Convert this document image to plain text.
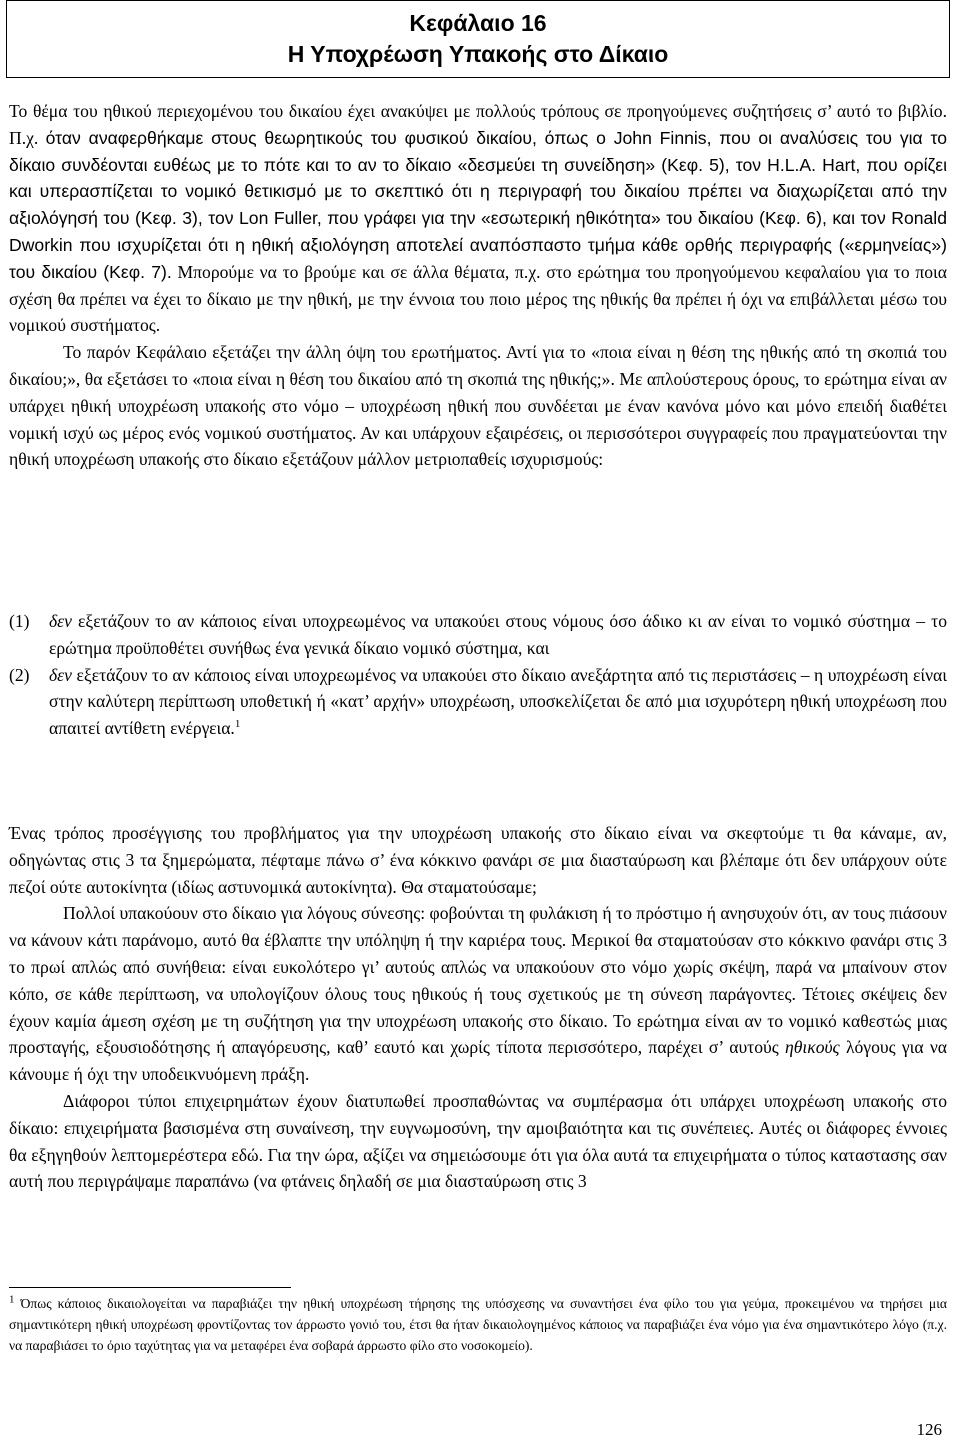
Κεφάλαιο 16
Η Υποχρέωση Υπακοής στο Δίκαιο

Το θέμα του ηθικού περιεχομένου του δικαίου έχει ανακύψει με πολλούς τρόπους σε προηγούμενες συζητήσεις σ’ αυτό το βιβλίο. Π.χ. όταν αναφερθήκαμε στους θεωρητικούς του φυσικού δικαίου, όπως ο John Finnis, που οι αναλύσεις του για το δίκαιο συνδέονται ευθέως με το πότε και το αν το δίκαιο «δεσμεύει τη συνείδηση» (Κεφ. 5), τον H.L.A. Hart, που ορίζει και υπερασπίζεται το νομικό θετικισμό με το σκεπτικό ότι η περιγραφή του δικαίου πρέπει να διαχωρίζεται από την αξιολόγησή του (Κεφ. 3), τον Lon Fuller, που γράφει για την «εσωτερική ηθικότητα» του δικαίου (Κεφ. 6), και τον Ronald Dworkin που ισχυρίζεται ότι η ηθική αξιολόγηση αποτελεί αναπόσπαστο τμήμα κάθε ορθής περιγραφής («ερμηνείας») του δικαίου (Κεφ. 7). Μπορούμε να το βρούμε και σε άλλα θέματα, π.χ. στο ερώτημα του προηγούμενου κεφαλαίου για το ποια σχέση θα πρέπει να έχει το δίκαιο με την ηθική, με την έννοια του ποιο μέρος της ηθικής θα πρέπει ή όχι να επιβάλλεται μέσω του νομικού συστήματος.

Το παρόν Κεφάλαιο εξετάζει την άλλη όψη του ερωτήματος. Αντί για το «ποια είναι η θέση της ηθικής από τη σκοπιά του δικαίου;», θα εξετάσει το «ποια είναι η θέση του δικαίου από τη σκοπιά της ηθικής;». Με απλούστερους όρους, το ερώτημα είναι αν υπάρχει ηθική υποχρέωση υπακοής στο νόμο – υποχρέωση ηθική που συνδέεται με έναν κανόνα μόνο και μόνο επειδή διαθέτει νομική ισχύ ως μέρος ενός νομικού συστήματος. Αν και υπάρχουν εξαιρέσεις, οι περισσότεροι συγγραφείς που πραγματεύονται την ηθική υποχρέωση υπακοής στο δίκαιο εξετάζουν μάλλον μετριοπαθείς ισχυρισμούς:

(1) δεν εξετάζουν το αν κάποιος είναι υποχρεωμένος να υπακούει στους νόμους όσο άδικο κι αν είναι το νομικό σύστημα – το ερώτημα προϋποθέτει συνήθως ένα γενικά δίκαιο νομικό σύστημα, και
(2) δεν εξετάζουν το αν κάποιος είναι υποχρεωμένος να υπακούει στο δίκαιο ανεξάρτητα από τις περιστάσεις – η υποχρέωση είναι στην καλύτερη περίπτωση υποθετική ή «κατ’ αρχήν» υποχρέωση, υποσκελίζεται δε από μια ισχυρότερη ηθική υποχρέωση που απαιτεί αντίθετη ενέργεια.$^1$

Ένας τρόπος προσέγγισης του προβλήματος για την υποχρέωση υπακοής στο δίκαιο είναι να σκεφτούμε τι θα κάναμε, αν, οδηγώντας στις 3 τα ξημερώματα, πέφταμε πάνω σ’ ένα κόκκινο φανάρι σε μια διασταύρωση και βλέπαμε ότι δεν υπάρχουν ούτε πεζοί ούτε αυτοκίνητα (ιδίως αστυνομικά αυτοκίνητα). Θα σταματούσαμε;

Πολλοί υπακούουν στο δίκαιο για λόγους σύνεσης: φοβούνται τη φυλάκιση ή το πρόστιμο ή ανησυχούν ότι, αν τους πιάσουν να κάνουν κάτι παράνομο, αυτό θα έβλαπτε την υπόληψη ή την καριέρα τους. Μερικοί θα σταματούσαν στο κόκκινο φανάρι στις 3 το πρωί απλώς από συνήθεια: είναι ευκολότερο γι’ αυτούς απλώς να υπακούουν στο νόμο χωρίς σκέψη, παρά να μπαίνουν στον κόπο, σε κάθε περίπτωση, να υπολογίζουν όλους τους ηθικούς ή τους σχετικούς με τη σύνεση παράγοντες. Τέτοιες σκέψεις δεν έχουν καμία άμεση σχέση με τη συζήτηση για την υποχρέωση υπακοής στο δίκαιο. Το ερώτημα είναι αν το νομικό καθεστώς μιας προσταγής, εξουσιοδότησης ή απαγόρευσης, καθ’ εαυτό και χωρίς τίποτα περισσότερο, παρέχει σ’ αυτούς ηθικούς λόγους για να κάνουμε ή όχι την υποδεικνυόμενη πράξη.

Διάφοροι τύποι επιχειρημάτων έχουν διατυπωθεί προσπαθώντας να συμπέρασμα ότι υπάρχει υποχρέωση υπακοής στο δίκαιο: επιχειρήματα βασισμένα στη συναίνεση, την ευγνωμοσύνη, την αμοιβαιότητα και τις συνέπειες. Αυτές οι διάφορες έννοιες θα εξηγηθούν λεπτομερέστερα εδώ. Για την ώρα, αξίζει να σημειώσουμε ότι για όλα αυτά τα επιχειρήματα ο τύπος καταστασης σαν αυτή που περιγράψαμε παραπάνω (να φτάνεις δηλαδή σε μια διασταύρωση στις 3

$^1$ Όπως κάποιος δικαιολογείται να παραβιάζει την ηθική υποχρέωση τήρησης της υπόσχεσης να συναντήσει ένα φίλο του για γεύμα, προκειμένου να τηρήσει μια σημαντικότερη ηθική υποχρέωση φροντίζοντας τον άρρωστο γονιό του, έτσι θα ήταν δικαιολογημένος κάποιος να παραβιάζει ένα νόμο για ένα σημαντικότερο λόγο (π.χ. να παραβιάσει το όριο ταχύτητας για να μεταφέρει ένα σοβαρά άρρωστο φίλο στο νοσοκομείο).
126
